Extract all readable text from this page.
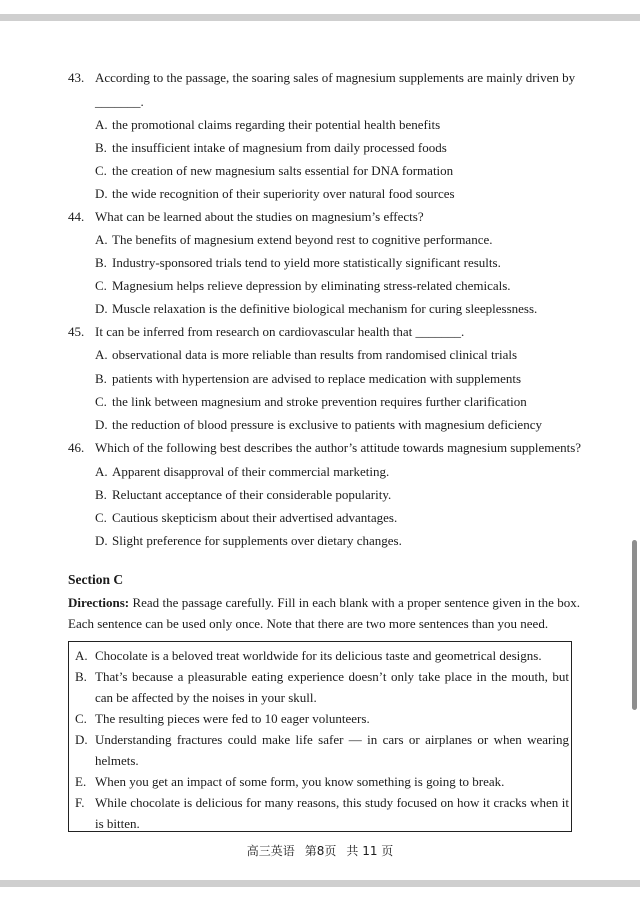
43. According to the passage, the soaring sales of magnesium supplements are mainly driven by
_______.
A. the promotional claims regarding their potential health benefits
B. the insufficient intake of magnesium from daily processed foods
C. the creation of new magnesium salts essential for DNA formation
D. the wide recognition of their superiority over natural food sources
44. What can be learned about the studies on magnesium’s effects?
A. The benefits of magnesium extend beyond rest to cognitive performance.
B. Industry-sponsored trials tend to yield more statistically significant results.
C. Magnesium helps relieve depression by eliminating stress-related chemicals.
D. Muscle relaxation is the definitive biological mechanism for curing sleeplessness.
45. It can be inferred from research on cardiovascular health that _______.
A. observational data is more reliable than results from randomised clinical trials
B. patients with hypertension are advised to replace medication with supplements
C. the link between magnesium and stroke prevention requires further clarification
D. the reduction of blood pressure is exclusive to patients with magnesium deficiency
46. Which of the following best describes the author’s attitude towards magnesium supplements?
A. Apparent disapproval of their commercial marketing.
B. Reluctant acceptance of their considerable popularity.
C. Cautious skepticism about their advertised advantages.
D. Slight preference for supplements over dietary changes.
Section C
Directions: Read the passage carefully. Fill in each blank with a proper sentence given in the box. Each sentence can be used only once. Note that there are two more sentences than you need.
A. Chocolate is a beloved treat worldwide for its delicious taste and geometrical designs.
B. That’s because a pleasurable eating experience doesn’t only take place in the mouth, but can be affected by the noises in your skull.
C. The resulting pieces were fed to 10 eager volunteers.
D. Understanding fractures could make life safer — in cars or airplanes or when wearing helmets.
E. When you get an impact of some form, you know something is going to break.
F. While chocolate is delicious for many reasons, this study focused on how it cracks when it is bitten.
高三英语 第8页 共 11 页
